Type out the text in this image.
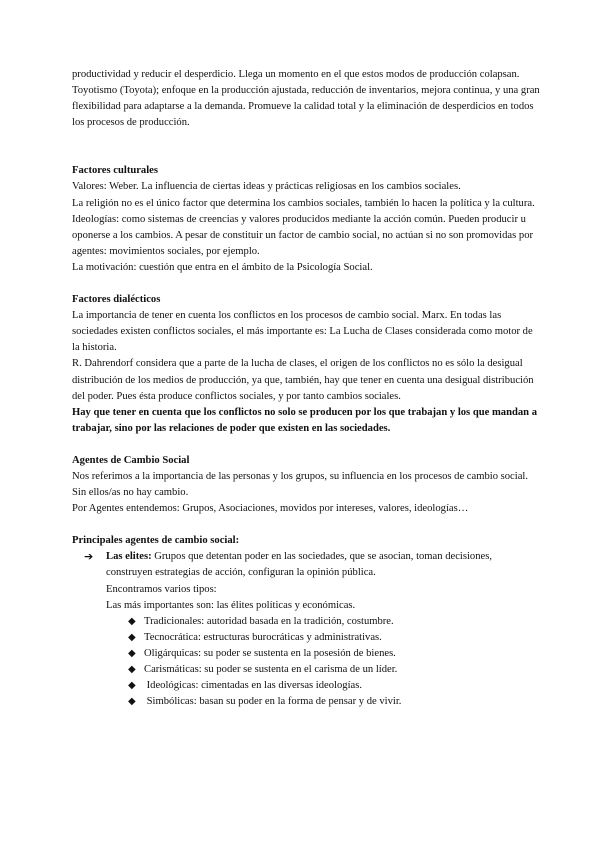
productividad y reducir el desperdicio. Llega un momento en el que estos modos de producción colapsan. Toyotismo (Toyota); enfoque en la producción ajustada, reducción de inventarios, mejora continua, y una gran flexibilidad para adaptarse a la demanda. Promueve la calidad total y la eliminación de desperdicios en todos los procesos de producción.

Factores culturales

Valores: Weber. La influencia de ciertas ideas y prácticas religiosas en los cambios sociales.

La religión no es el único factor que determina los cambios sociales, también lo hacen la política y la cultura.

Ideologías: como sistemas de creencias y valores producidos mediante la acción común. Pueden producir u oponerse a los cambios. A pesar de constituir un factor de cambio social, no actúan si no son promovidas por agentes: movimientos sociales, por ejemplo.

La motivación: cuestión que entra en el ámbito de la Psicología Social.

Factores dialécticos

La importancia de tener en cuenta los conflictos en los procesos de cambio social. Marx. En todas las sociedades existen conflictos sociales, el más importante es: La Lucha de Clases considerada como motor de la historia.

R. Dahrendorf considera que a parte de la lucha de clases, el origen de los conflictos no es sólo la desigual distribución de los medios de producción, ya que, también, hay que tener en cuenta una desigual distribución del poder. Pues ésta produce conflictos sociales, y por tanto cambios sociales.

Hay que tener en cuenta que los conflictos no solo se producen por los que trabajan y los que mandan a trabajar, sino por las relaciones de poder que existen en las sociedades.

Agentes de Cambio Social

Nos referimos a la importancia de las personas y los grupos, su influencia en los procesos de cambio social. Sin ellos/as no hay cambio.

Por Agentes entendemos: Grupos, Asociaciones, movidos por intereses, valores, ideologías…

Principales agentes de cambio social:

➔ Las elites: Grupos que detentan poder en las sociedades, que se asocian, toman decisiones, construyen estrategias de acción, configuran la opinión pública.

Encontramos varios tipos:

Las más importantes son: las élites políticas y económicas.

◆ Tradicionales: autoridad basada en la tradición, costumbre.
◆ Tecnocrática: estructuras burocráticas y administrativas.
◆ Oligárquicas: su poder se sustenta en la posesión de bienes.
◆ Carismáticas: su poder se sustenta en el carisma de un líder.
◆ Ideológicas: cimentadas en las diversas ideologías.
◆ Simbólicas: basan su poder en la forma de pensar y de vivir.
